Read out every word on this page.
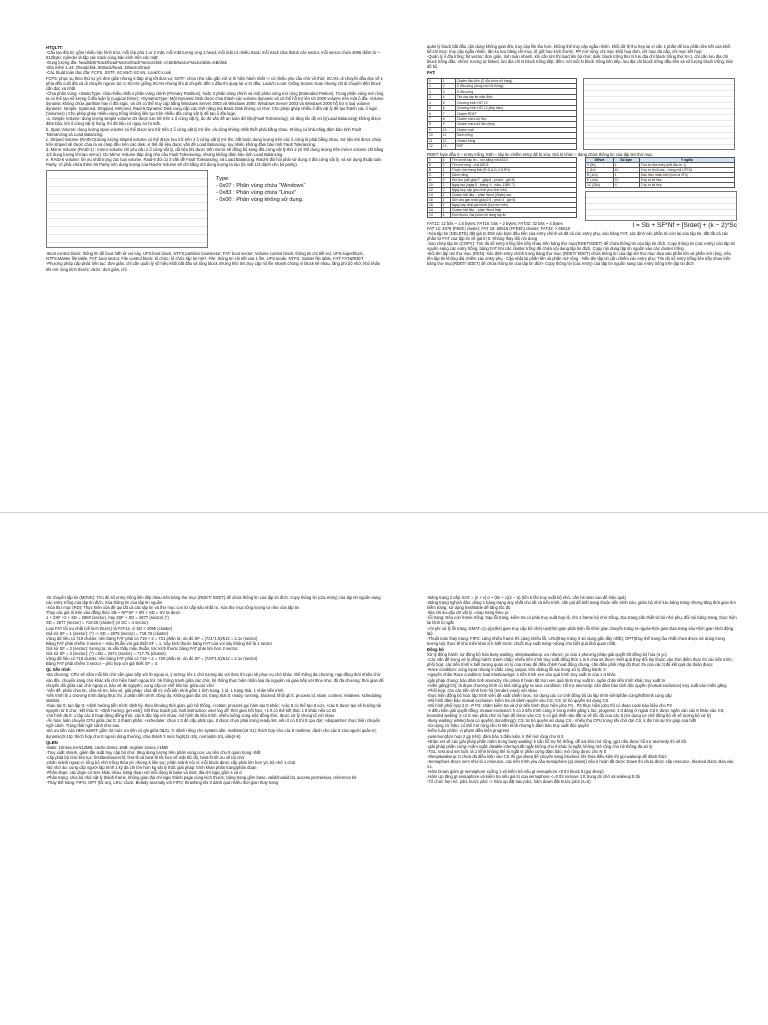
HTQLTT:

-Cấu tạo đĩa từ: gồm nhiều lớp hình tròn, mỗi lớp phủ 1 or 2 mặt, mỗi mặt tương ứng 1 head, mỗi mặt có nhiều track, mỗi track chia thành các sector, mỗi sector chứa 4096 điểm từ ~ 512byte; cylinder là tập các track cùng bán kính trên các mặt;

-Dung lượng đĩa: head/disk*track/head*sector/track*sector/disk =0.5KB/sector*sector/disk=KB/disk

-Đĩa mềm 1.44: 2head/disk, 80track/head, 18sector/track

-Các thuật toán đọc đĩa: FCFS, SSTF, SCAN/C-SCAN, Look/C-Look

FCFS: phục vụ theo thứ tự y/c đơn giản nhưng k đáp ứng tốt dưa vụ; SSTF: chọn như cầu gần với vị trí hiện hành nhất -> có nhiều yêu cầu chờ vô thời; SCAN: di chuyển đầu đọc về 1 phía đến cuối đĩa và di chuyển ngược lại; C-SCAN: giống SCAN nhưng khi di chuyển đến 1 đầu thì quay lại vị trí đầu; Look/C-Look: Giống Scan/c-scan nhưng chỉ di chuyển đến block cần đọc xa nhất

-Chia phân vùng: +BasicType: chia nhiều nhất 4 phân vùng chính (Primary Partition), hoặc 3 phân vùng chính và một phân vùng mở rộng (Extended Partion). Trong phân vùng mở rộng ta có thể tạo số lượng ổ đĩa luận lý (Logical Drive); +DynamicType: Một Dynamic Disk được chia thành các volume dynamic và có thể hỗ trợ lên tới 2000 volume trên một ổ đĩa. Volume dynamic không chứa partition hay ổ đĩa logic, và chỉ có thể truy cập bằng Windows Server 2003 và Windows 2000. Windows Server 2003 và Windows 2000 hỗ trợ 5 loại volume dynamic: Simple, Spanned, Stripped, Mirrored, Raid-5.Dynamic Disk cung cấp các tính năng mà Basic Disk không có như: Cho phép ghép nhiều ổ đĩa vật lý để tạo thành các ổ logic (Volumes) | Cho phép ghép nhiều vùng trống không liên tục trên nhiều đĩa cứng vật lý để tạo ổ đĩa logic

-a. Simple Volume: dung lượng simple volume chỉ được lưu trữ trên 1 ổ cứng vật lý, do đó vấn đề an toàn dữ liệu(Fault Tolerancing), và tăng tốc độ xử lý(Load Balancing) không được đảm bảo, khi ổ cứng vật lý hỏng, thì dữ liệu có nguy cơ bị mất.

b. Span Volume: dung lượng span volume có thể được lưu trữ trên 2 ổ cứng vật lý trở lên, và cũng không nhất thiết phải bằng nhau. Không có khả năng đảm bảo tính Fault Tolerancing,và Load Balancing.

c. Striped Volume (RAID-0):dung lượng striped volume có thể được lưu trữ trên 2 ổ cứng vật lý trở lên, bắt buộc dung lượng trên các ổ cứng là phải bằng nhau. Sử liệu khi được chép trên striped sẽ được chia ra và chép đều trên các disk, vì thế dữ liệu được vấn đề Load Balancing, tuy nhiên không đảm bảo tính Fault Tolerancing.

d. Mirror Volume (RAID-1) : mirror volume chỉ yêu cầu 2 ổ cứng vật lý, dữ liệu khi được trên mirror sẽ đồng bộ sang đĩa cứng vật lý thứ 2 (vì thế dung lượng trên mirror volume chỉ bằng 1/2 dung lượng khi tạo mirror). Do Mirror Volume đáp ứng nhu cầu Fault Tolerancing, nhưng không đảm bảo tính Load Balancing.

e. RAID-5 volume: lời ưu nhất trong các loại volume. Raid-5 đòi có 3 vấn đề Fault Tolerancing, và Load Balancing. Raid-5 đòi hỏi phải sử dụng 3 đĩa cứng vật lý, và sử dụng thuật toán Parity. Vì phải chứa thêm bit Parity nên dung lượng của Raid-5 Volume sẽ chỉ bằng 2/3 dung lượng ta tạo (bị mất 1/3 dành cho bit parity).

Type:

- 0x07 : Phân vùng chứa "Windows"

- 0x83 : Phân vùng chứa "Linux"

- 0x00 : Phân vùng không sử dụng.

-Boot control block: thông tin để boot hđh từ vol này, UFS:boot block, NTFS:partition bootsector; FAT: boot sector; Volume control block: thông tin chi tiết vol, UFS:superblock, NTFS:Master file table, FAT: boot sector; File control block: tổ chức: tổ chức tập tin ntn?, File: thông tin chi tiết của 1 file, UFS:inode, NTFS: master file table, FAT: FAT&RDET

-Phương pháp cấp phát: liên tục: đơn giản, chỉ cần quản lý số hiệu khối bắt đầu và tổng block nhưng khó tìm,truy cập nổ file nhanh chóng vì block kề nhau, lãng phí bộ nhớ; khó khăn khi mở rộng kích thước; dxớc: đơn giản, chỉ

quản lý block bắt đầu, tận dụng không gian đĩa, truy cập file lâu hơn, không thể truy cập ngẫu nhiên, khối dữ lệ thu hẹp lại vì cần 1 phần để lưu phần liên kết của khối kế;chỉ mục: truy cập ngẫu nhiên, tận ko lưu băng chỉ mục, lệ gốt hao kích thước; PP mở rộng: chỉ mục khối hoạ đơn, chỉ mục đa cấp, chỉ mục kết hợp

-Quản lý ổ đĩa trống: bit vector: đơn giản, tính toán nhanh, khi cần lớn thì load lên bộ nhớ; dxlk: block trống thứ N lưu địa chỉ block trống thứ N+1, chỉ cần lưu địa chỉ block trống đầu; nhóm: tương tự linked, lưu địa chỉ N block trống tiếp; đếm: với mỗi N block trống liên tiếp, lưu địa chỉ block trống đầu tiên và số lượng block trống; bản đồ bộ

FAT:

0	1	Cluster đầu tiên (Ổ đĩa chưa sử dụng)
1	2	Ổ đĩa cứng (dùng cho hệ thống)
2	3	Ổ đĩa cứng
3	4	Tên các tập tin mặc định
4	5	Chương trình FAT 12
5	6	Chương trình FAT 12 (tiếp theo)
6	7	Cluster RDET
7	8	Cluster chứa dữ liệu
8	9	Cluster chứa dữ liệu (tiếp)
9	10	Cluster cuối
10	11	Dành riêng
11	12	Cluster hỏng
12	13	EOF

RDET: byte đầu 0 – entry trống, E5h – tập tin chiếm entry đã bị xóa, Giá trị khác – đang chứa thông tin của tập tin/ thư mục.

0	8	Tên chính tập tin – lưu bằng mã ASCII
8	3	Tên mở rộng – mã ASCII
B	1	Thuộc tính trạng thái (R-S-A-D-V-S-RH)
C	1	Dành riêng
D	3	Giờ tạo (mili giây*7 , giây:6 , phút:6 , giờ:5)
10	2	Ngày tạo (ngày:5 , tháng: 4 , năm -1980: 7)
12	2	Ngày truy cập gần nhất (lưu như trên)
14	2	Cluster bắt đầu – phần Word (2byte) cao
16	2	Giờ sửa gần nhất (giây/2:5 , phút: 6 , giờ:5)
18	2	Ngày cập nhật gần nhất (lưu như trên)
1A	2	Cluster bắt đầu – phần Word thấp
1C	4	Kích thước của phần nội dung tập tin
Offset	Số byte	Ý nghĩa
0 (0h)	1	Thứ tự của entry (bắt đầu từ 1)
1 (1h)	10	5 ký tự UniCode – bảng mã UTF16
B (11d)	1	Dấu hiệu nhận biết (luôn là 0Fh)
E (14d)	12	6 ký tự kế tiếp
1C (28d)	4	2 ký tự kế tiếp

FAT12: 12 bits ~ 1,5 bytes; FAT16: bits ~ 2 bytes; FAT32: 32 bits ~ 4 bytes

FAT 12: 4078 (FEEh) cluster; FAT 16: 65518 (FFEEh) cluster; FAT32: > 65518	I = Sb + SF*Nf + [Srdet] + (k − 2)*Sc

-Xóa tập tin (DELETE) đặt giá trị E5h vào byte đầu tiên của entry chính và tất cả các entry phụ, vào bảng FAT, xác định các phần tử còn lại của tập tin, đặt tất cả các phần tử FAT của tập tin về giá trị 0. Không thay đổi nội dung

-Sao chép tập tin (COPY): Tìm đủ số entry trống liên tiếp nhau trên bảng thư mục(RDET/SDET) để chứa thông tin của tập tin đích, Copy thông tin (các entry) của tập tin nguồn sang các entry trống, bảng FAT tìm các cluster trống để chứa nội dung tập tin đích, Copy nội dung tập tin nguồn vào các cluster trống

-Đổi tên tập tin/ thư mục (REN): Xác định entry chính trong bảng thư mục (RDET/ SDET) chứa thông tin của tập tin/ thư mục đưa vào phần tên và phần mở rộng, nếu tên tập tin không dài chiếm các entry phụ - Cập nhật lại phần tên và phần mở rộng - Nếu tên tập tin cần chiếm các entry phụ: Tìm đủ số entry trống liên tiếp nhau trên bảng thư mục(RDET/ SDET) để chứa thông tin của tập tin đích- Copy thông tin (các entry) của tập tin nguồn sang các entry trống trên tập tin đích

-Di chuyển tập tin (MOVE): Tìm đủ số entry trống liên tiếp nhau trên bảng thư mục (RDET/ SDET) để chứa thông tin của tập tin đích. Copy thông tin (các entry) của tập tin nguồn sang các entry trống của tập tin đích, Xóa thông tin của tập tin nguồn

-Xóa thư mục (RD): Thực hiện xóa đệ qui tất cả các tập tin và thư mục con từ cấp sâu nhất ra. Xóa thư mục tổng lượng tư như xóa tập tin

Thay các giá trị trên vào đẳng thức SB + NF*SF + SR + SD = SV ta được

1 + 2SF +2 + SD = 2880 (sector), hay 2SF + SD = 2877 (sector) (*)

SD = 2877 (sector) = 719.25 (cluster) (vì SC = 4 sector).

Loại FAT tối ưu nhất (về kích thước) là FAT12, vì SD < 4095 (cluster)

Giả sử SF = 1 (sector): (*) -> SD = 2875 (sector) = 718.75 (cluster)

Vùng dữ liệu có 719 cluster, nên bảng FAT phải có 719 + 2 = 721 phần tử, do đó SF = (721*1.5)/512 = 2.1x (sector)

Bảng FAT phải chiếm 3 sector – mâu thuẫn với giả thiết SF = 1. Vậy kích thước bảng FAT của vol này không thể là 1 sector

Giả sử SF = 2 (sector): tương tự, ta vẫn thấy mâu thuẫn, tức kích thước bảng FAT phải lớn hơn 2 sector.

Giả sử SF = 3 (sector): (*) =SD = 2871 (sector) = 717.75 (cluster).

Vùng dữ liệu có 718 cluster, nên bảng FAT phải có 718 + 2 = 720 phần tử, do đó SF = (720*1.5)/512 = 2.1x (sector)

Bảng FAT phải chiếm 3 sector – phù hợp với giả thiết SF = 3.

QL tiến trình

-Đa chương: CPU sẽ nắm mỗi khi chờ cần giao tiếp với tb ngoại vi, ý tưởng: khi 1 chờ tương tác với tbnv thì cpu sẽ phục vụ chờ khác -thể thống đa chương: nạp đồng thời nhiều chờ vào đĩa, chuyển sang chờ khác khi chờ hiện hành ngoại trừ, hệ thống tranh giữa các chờ, hệ thống thực hiện nhân loại tài nguyên và giao tiếp với tbnv như, độ đa chương: thời gian để chuyển đổi giữa các chờ ngoại vi, bảo vệ tài nguyên, cung cấp cơ chế liên lạc giữa các chờ

-Vấn đề: phân chia tm, chia sẻ tm, bảo vệ, giải pháp: chia để trị; mỗi tiến trình gồm 1 tình trạng, 1 id, 1 trạng thái, 1 nhân tiến trình

-tiến trình là 1 chương trình đang thực thi, 2 phân tiến trình: đóng dụ, không gian địa chỉ, trạng thái tt: ready, running, blocked; khối qli tt: process id, state, context, relatives, scheduling statistic

-thao tác tt: tạo lập tt: +định hướng tiến trình; định kỳ, theo khoảng thời gian, giờ hệ thống, +rotate; process gọi hàm tạo tt khác; +các tt có thể tạo tt con; +các tt được tạo sẽ hướng tài nguyên từ tt cha; -kết thúc tt: +định hướng: get exit(); kết thúc batch job, halt instruction, user log off; thời gian hết hạn; +1 tt có thể kết thúc 1 tt khác nếu có ID

-mô hình đa tt: 1 tập các tt hoạt động đồng thời, các tt độc lập với nhau; mô hình đa tiểu trình: nhiều luồng cùng việc đồng thời, được xử lý chung tổ với nhau

-Ấn hóa: luân chuyển CPU giữa các tt; 2 thành phần: +scheduler: chọn 1 tt để cấp phát cpu, tt được chọn phải trong ready list, nếu 0 có tt thì tt cpu đợi; +dispatcher: thực hiện chuyển ngữ cảnh. Trạng thái ngữ cảnh như sau

-Đó ưu tiên của HĐH winNT: gồm 32 mức ưu tiên có ghi giữa 0&31, 0: đành riêng cho system idle; realtime(16-31): thích hợp cho các tt realtime, dành cho các tt của người quản trị; dynamic(0-15): thích hợp cho tt người dùng thường, chia thành 3 mức high(11-15), normal(6-10), idle(2-6)

QLBN

-Main: 10nsec,64-512MB; cache:2nsec,1MB; register:1nsec,<1MB

-Truy xuất nhanh, giảm tần suất truy cập bộ nhớ, tăng dung lượng trên phân vùng con, ưu tiên cho tt quan trọng nhất

-cấp phát bộ nhớ liên tục: first/best/worst fit; first-fit và best-fit tốt hơn về mặt tốc độ, best-fit tốt ưu về bộ nhớ

-phân mảnh ngoại vi: tổng bộ nhớ trống thỏa y/c nhưng k liên tục; phân mảnh nội vi: mỗi block được cấp phát lớn hơn y/c bộ nhớ 1 chút

-Bộ nhớ ảo: cung cấp người lập trình 1 ký đa chỉ lớn hơn kg vật lý thật; giải pháp: trình khan phân trang/phân đoạn

-Phân đoạn: các đoạn có size khác nhau, bảng đoạn với mỗi dòng là base và limit; địa chỉ logic gồm s và d

-Phân trang: chia bộ nhớ vật lý thành frame, không gian địa chỉ logic thành page cùng kích thước; bảng trang gồm base, valid/invalid bit, access permission, reference bit

-Thay thế trang: FIFO, OPT (tối ưu), LRU, clock; Belady anomaly với FIFO; thrashing khi tt dành quá nhiều thời gian thay trang

-Bảng trang 2 cấp: EAT = (n + ε) α + (5n + ε)(1 – α) (tốn 5 lần truy xuất bộ nhớ, cần hit ratio cao để hiệu quả)

-Bảng trang nghịch đảo: dùng 1 bảng trang duy nhất cho tất cả tiến trình, cần pid để biết trang thuộc tiến trình nào, giảm bộ nhớ lưu bảng trang nhưng tăng thời gian tìm kiếm trang, sử dụng hashtable để tăng tốc độ

-Địa chỉ ảo=địa chỉ vật lý =map trang theo yc

-lỗi trang: Nếu còn frame trống: trap lỗi trang, kiểm tra có phải truy xuất hợp lệ, tìm 1 frame bộ nhớ trống, đọc trang cần thiết từ bộ nhớ phụ, đổi nội bảng trang, thực hiện lại lệnh bị ngắt

-chỉ phí xử lý lỗi trang: EMAT=(1-p)x(thời gian truy cập bộ nhớ)+px(thời gian phát hiện lỗi+thời gian chuyển trang ra ngoài+thời gian đưa trang vào+thời gian khởi động lại)

-Thuật toán thay trang: FIFO: càng nhiều frame thì càng nhiều lỗi; LRU(thay trang ít sử dụng gần đây nhất); OPT(thay thế trang lâu nhất chưa được sử dụng trong tương lai): thực tế khó triển khai vì k biết trước chuỗi truy xuất trang->dùng cho biết quả khả quan nhất.

Đồng bộ

Xử lý đồng hành; sự đồng bộ hóa busy waiting, sleep&wakeup, ưu nhược; yc của 1 phương pháp giải quyết tốt đồng bộ hóa (4 yc)

-Các vấn đề trong xử lý đồng hành: tranh chấp: nhiều tiến trình truy xuất đồng thời 1 tn k chia sẻ được->kết quả thay đổi tùy thuộc vào thời điểm thực thi các tiến trình; phối hợp: các tiến trình k biết tương quan xử lý của nhau để điều chỉnh hoạt động chung, cần điều phối nhịp độ thực thi của các tt để kết quả dự đoán được

-Race condition: cùng input nhưng k chắc cùng output, khó debug lỗi sai trong xử lý đồng hành; 4

-nguyên nhân Race condition: bad interleavings: 1 tiến trình xen vào quá trình truy xuất tn của 1 tt khác

-giải pháp chung: bảo đảm tính atomicity cho phép tt hoàn tất trọn ven quá trình truy xuất tn, ngăn chặn tiến trình khác truy xuất tn

-miền găng(CS): là đoạn chương trình có khả năng gây ra race condition; Hỗ trợ atomicity: cần đảm bảo tính độc quyền (mutual exclusion) truy xuất vào miền găng

-Phối hợp: cho các tiến trình hơn hộ (rendez vous) với nhau

-thực hiện đồng bộ hóa: lập trình viên đề xuất chiến lược, sử dụng các cơ chế đồng bộ do lập trình viên/phần cứng/hđh/nnlt cung cấp

-Mô hình đảm bảo mutual exclusion: kiểm tra và dành quyền vào CS; CS; từ bỏ quyền sử dụng CS

-Mô hình phối hợp 2 tt: -P P2: chăm kiểm tra và chờ tiến trình thực hiện job1 P1 , P2 thực hiện job1 thì có đoạn code báo hiệu cho P2

-4 điều kiện giải quyết đồng: mutual exclusion: k có 2 tiến trình cùng ở trong miền găng 1 lúc; progress: 1 tt đang ở ngoài CS k được ngăn cản các tt khác vào CS; bounded waiting: k có tt nào phải chờ vô hạn để được vào CS; k có giả thiết nào đặt ra về tốc độ của các tt (sử dụng cơ chế đồng bộ về số lượng bộ xử lý)

-Busy waiting: while(chưa có quyền) donothing(); CS; từ bỏ quyền sử dụng CS - nhiều thụ CPU trong khi chờ đợi CS, k đòi hỏi sự trợ giúp của hđh

-sử dụng cờ hiệu: có thể mở rộng cho N tiến trình nhưng k đảm bảo truy xuất độc quyền

-kiểm luân phiên: vi phạm điều kiện progress

-peterson(đơn hợp 2 gp trên): đảm bảo 3 điều kiện, k thể mở rộng cho N tt

-Nhận xét về các giải pháp phần mềm trong busy-waiting: k cần hỗ trợ hệ thống, dễ sai khó mở rộng, gp1 nếu được hỗ trợ atomicity thì sẽ tốt

-giải pháp phần cứng->cấm ngắt: disable interrupt,tắt ngắt không cho tt khác bị ngắt; không mở rộng cho hệ thống đa xử lý

-TSL: test and set lock: là 1 lệnh không thể bị ngắt vì phần cứng đảm bảo; mở rộng được cho N tt

-Sleep&wakeup: tt chưa đủ điều kiện vào CS thì gọi sleep để chuyển sang blocked, khi thỏa điều kiện thì gọi wakeup để đánh thức

-Semaphore được xem như là 1 resource, các tiến trình yêu cầu semaphore (p) down() nếu k hoàn tất được Down thì chưa được cấp resource, blocked được đưa vào s.L

-Hàm Down giảm gt semaphore xuống 1 và kiểm trả nếu gt semaphore <0 thì block tt (gọi sleep)

-Hàm Up tăng gt semaphore và kiểm tra nếu giá trị của semaphore <=0 thì remove 1 tt trong ds chờ và wakeup tt đó

-Tổ chức hẹn hò: job1 trước job2 -> hàm up đặt sau job1, hàm down đặt trước job2 (s=0)
